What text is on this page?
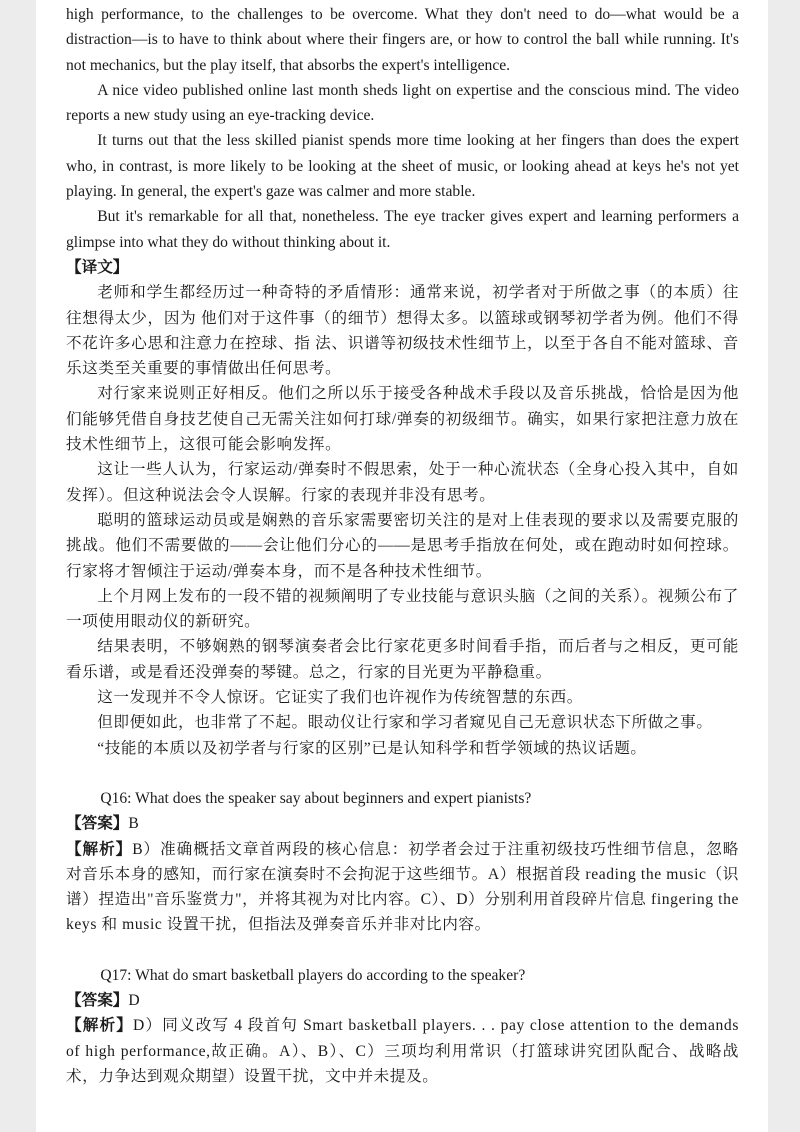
high performance, to the challenges to be overcome. What they don't need to do—what would be a distraction—is to have to think about where their fingers are, or how to control the ball while running. It's not mechanics, but the play itself, that absorbs the expert's intelligence.

A nice video published online last month sheds light on expertise and the conscious mind. The video reports a new study using an eye-tracking device.

It turns out that the less skilled pianist spends more time looking at her fingers than does the expert who, in contrast, is more likely to be looking at the sheet of music, or looking ahead at keys he's not yet playing. In general, the expert's gaze was calmer and more stable.

But it's remarkable for all that, nonetheless. The eye tracker gives expert and learning performers a glimpse into what they do without thinking about it.

【译文】

老师和学生都经历过一种奇特的矛盾情形：通常来说，初学者对于所做之事（的本质）往往想得太少，因为 他们对于这件事（的细节）想得太多。以篮球或钢琴初学者为例。他们不得不花许多心思和注意力在控球、指 法、识谱等初级技术性细节上，以至于各自不能对篮球、音乐这类至关重要的事情做出任何思考。

对行家来说则正好相反。他们之所以乐于接受各种战术手段以及音乐挑战，恰恰是因为他们能够凭借自身技艺使自己无需关注如何打球/弹奏的初级细节。确实，如果行家把注意力放在技术性细节上，这很可能会影响发挥。

这让一些人认为，行家运动/弹奏时不假思索，处于一种心流状态（全身心投入其中，自如发挥）。但这种说法会令人误解。行家的表现并非没有思考。

聪明的篮球运动员或是娴熟的音乐家需要密切关注的是对上佳表现的要求以及需要克服的挑战。他们不需要做的——会让他们分心的——是思考手指放在何处，或在跑动时如何控球。行家将才智倾注于运动/弹奏本身，而不是各种技术性细节。

上个月网上发布的一段不错的视频阐明了专业技能与意识头脑（之间的关系）。视频公布了一项使用眼动仪的新研究。

结果表明，不够娴熟的钢琴演奏者会比行家花更多时间看手指，而后者与之相反，更可能看乐谱，或是看还没弹奏的琴键。总之，行家的目光更为平静稳重。

这一发现并不令人惊讶。它证实了我们也许视作为传统智慧的东西。

但即便如此，也非常了不起。眼动仪让行家和学习者窥见自己无意识状态下所做之事。

“技能的本质以及初学者与行家的区别”已是认知科学和哲学领域的热议话题。

Q16: What does the speaker say about beginners and expert pianists?

【答案】B

【解析】B）准确概括文章首两段的核心信息：初学者会过于注重初级技巧性细节信息，忽略对音乐本身的感知，而行家在演奏时不会拘泥于这些细节。A）根据首段 reading the music（识谱）捏造出"音乐鉴赏力"，并将其视为对比内容。C）、D）分别利用首段碎片信息 fingering the keys 和 music 设置干扰，但指法及弹奏音乐并非对比内容。

Q17: What do smart basketball players do according to the speaker?

【答案】D

【解析】D）同义改写 4 段首句 Smart basketball players. . . pay close attention to the demands of high performance,故正确。A）、B）、C）三项均利用常识（打篮球讲究团队配合、战略战术，力争达到观众期望）设置干扰，文中并未提及。
